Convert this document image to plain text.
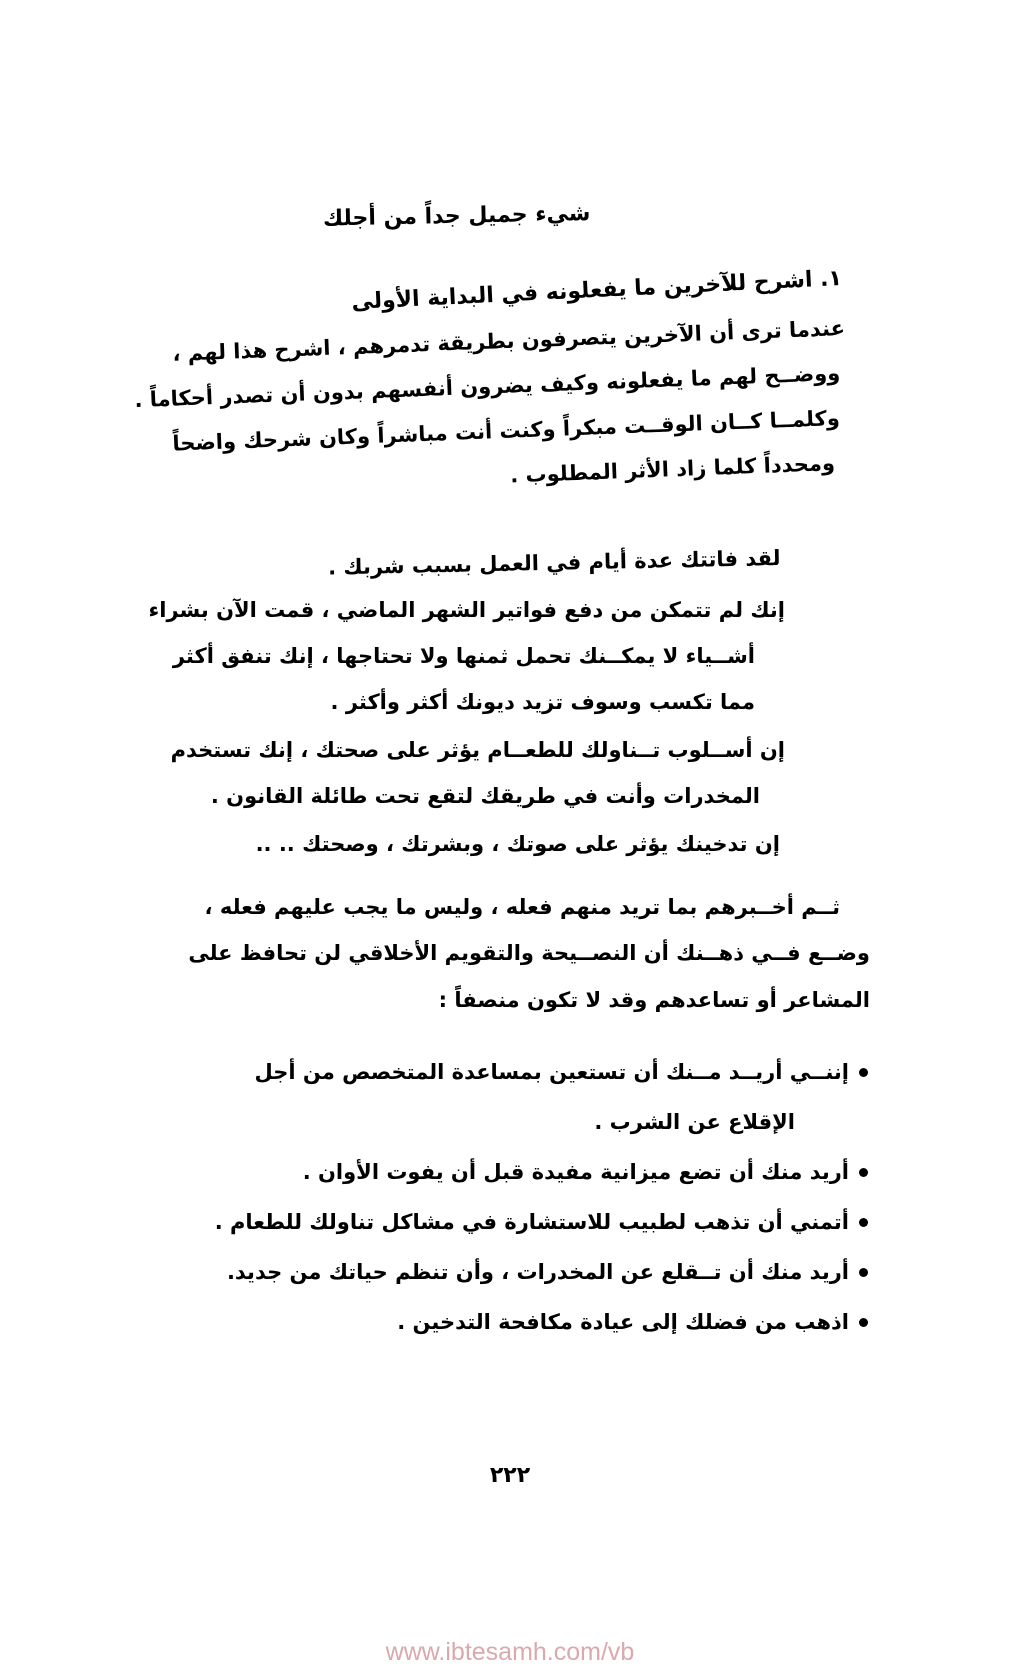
شيء جميل جداً من أجلك
١. اشرح للآخرين ما يفعلونه في البداية الأولى
عندما ترى أن الآخرين يتصرفون بطريقة تدمرهم ، اشرح هذا لهم ،
ووضــح لهم ما يفعلونه وكيف يضرون أنفسهم بدون أن تصدر أحكاماً .
وكلمــا كــان الوقــت مبكراً وكنت أنت مباشراً وكان شرحك واضحاً
ومحدداً كلما زاد الأثر المطلوب .
لقد فاتتك عدة أيام في العمل بسبب شربك .
إنك لم تتمكن من دفع فواتير الشهر الماضي ، قمت الآن بشراء
أشــياء لا يمكــنك تحمل ثمنها ولا تحتاجها ، إنك تنفق أكثر
مما تكسب وسوف تزيد ديونك أكثر وأكثر .
إن أســلوب تــناولك للطعــام يؤثر على صحتك ، إنك تستخدم
المخدرات وأنت في طريقك لتقع تحت طائلة القانون .
إن تدخينك يؤثر على صوتك ، وبشرتك ، وصحتك .. ..
ثــم أخــبرهم بما تريد منهم فعله ، وليس ما يجب عليهم فعله ،
وضــع فــي ذهــنك أن النصــيحة والتقويم الأخلاقي لن تحافظ على
المشاعر أو تساعدهم وقد لا تكون منصفاً :
إننــي أريــد مــنك أن تستعين بمساعدة المتخصص من أجل
الإقلاع عن الشرب .
أريد منك أن تضع ميزانية مفيدة قبل أن يفوت الأوان .
أتمني أن تذهب لطبيب للاستشارة في مشاكل تناولك للطعام .
أريد منك أن تــقلع عن المخدرات ، وأن تنظم حياتك من جديد.
اذهب من فضلك إلى عيادة مكافحة التدخين .
٢٢٢
www.ibtesamh.com/vb
